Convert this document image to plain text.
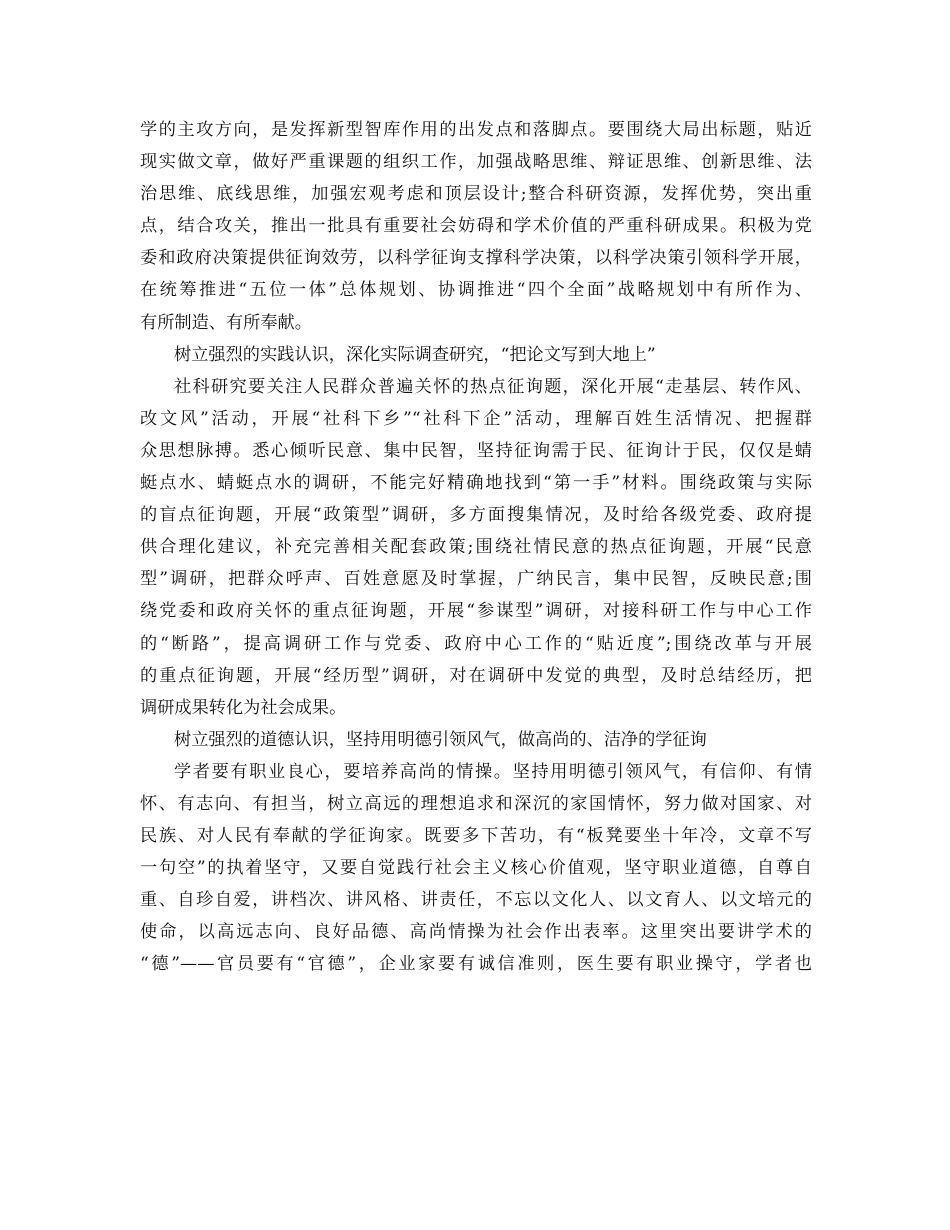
学的主攻方向，是发挥新型智库作用的出发点和落脚点。要围绕大局出标题，贴近
现实做文章，做好严重课题的组织工作，加强战略思维、辩证思维、创新思维、法
治思维、底线思维，加强宏观考虑和顶层设计;整合科研资源，发挥优势，突出重
点，结合攻关，推出一批具有重要社会妨碍和学术价值的严重科研成果。积极为党
委和政府决策提供征询效劳，以科学征询支撑科学决策，以科学决策引领科学开展，
在统筹推进“五位一体”总体规划、协调推进“四个全面”战略规划中有所作为、
有所制造、有所奉献。
树立强烈的实践认识，深化实际调查研究，“把论文写到大地上”
社科研究要关注人民群众普遍关怀的热点征询题，深化开展“走基层、转作风、
改文风”活动，开展“社科下乡”“社科下企”活动，理解百姓生活情况、把握群
众思想脉搏。悉心倾听民意、集中民智，坚持征询需于民、征询计于民，仅仅是蜻
蜓点水、蜻蜓点水的调研，不能完好精确地找到“第一手”材料。围绕政策与实际
的盲点征询题，开展“政策型”调研，多方面搜集情况，及时给各级党委、政府提
供合理化建议，补充完善相关配套政策;围绕社情民意的热点征询题，开展“民意
型”调研，把群众呼声、百姓意愿及时掌握，广纳民言，集中民智，反映民意;围
绕党委和政府关怀的重点征询题，开展“参谋型”调研，对接科研工作与中心工作
的“断路”，提高调研工作与党委、政府中心工作的“贴近度”;围绕改革与开展
的重点征询题，开展“经历型”调研，对在调研中发觉的典型，及时总结经历，把
调研成果转化为社会成果。
树立强烈的道德认识，坚持用明德引领风气，做高尚的、洁净的学征询
学者要有职业良心，要培养高尚的情操。坚持用明德引领风气，有信仰、有情
怀、有志向、有担当，树立高远的理想追求和深沉的家国情怀，努力做对国家、对
民族、对人民有奉献的学征询家。既要多下苦功，有“板凳要坐十年冷，文章不写
一句空”的执着坚守，又要自觉践行社会主义核心价值观，坚守职业道德，自尊自
重、自珍自爱，讲档次、讲风格、讲责任，不忘以文化人、以文育人、以文培元的
使命，以高远志向、良好品德、高尚情操为社会作出表率。这里突出要讲学术的
“德”——官员要有“官德”，企业家要有诚信准则，医生要有职业操守，学者也
